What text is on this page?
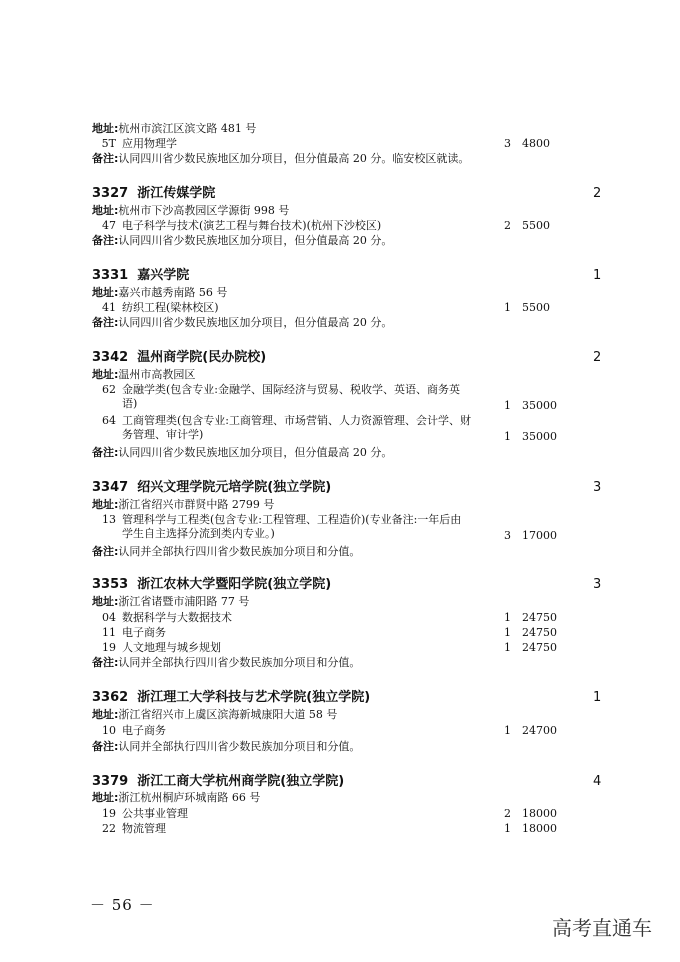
地址:杭州市滨江区滨文路 481 号
5T 应用物理学	3 4800
备注:认同四川省少数民族地区加分项目，但分值最高 20 分。临安校区就读。
3327 浙江传媒学院	2
地址:杭州市下沙高教园区学源街 998 号
47 电子科学与技术(演艺工程与舞台技术)(杭州下沙校区)	2 5500
备注:认同四川省少数民族地区加分项目，但分值最高 20 分。
3331 嘉兴学院	1
地址:嘉兴市越秀南路 56 号
41 纺织工程(梁林校区)	1 5500
备注:认同四川省少数民族地区加分项目，但分值最高 20 分。
3342 温州商学院(民办院校)	2
地址:温州市高教园区
62 金融学类(包含专业:金融学、国际经济与贸易、税收学、英语、商务英
语)	1 35000
64 工商管理类(包含专业:工商管理、市场营销、人力资源管理、会计学、财
务管理、审计学)	1 35000
备注:认同四川省少数民族地区加分项目，但分值最高 20 分。
3347 绍兴文理学院元培学院(独立学院)	3
地址:浙江省绍兴市群贤中路 2799 号
13 管理科学与工程类(包含专业:工程管理、工程造价)(专业备注:一年后由
学生自主选择分流到类内专业。)	3 17000
备注:认同并全部执行四川省少数民族加分项目和分值。
3353 浙江农林大学暨阳学院(独立学院)	3
地址:浙江省诸暨市浦阳路 77 号
04 数据科学与大数据技术	1 24750
11 电子商务	1 24750
19 人文地理与城乡规划	1 24750
备注:认同并全部执行四川省少数民族加分项目和分值。
3362 浙江理工大学科技与艺术学院(独立学院)	1
地址:浙江省绍兴市上虞区滨海新城康阳大道 58 号
10 电子商务	1 24700
备注:认同并全部执行四川省少数民族加分项目和分值。
3379 浙江工商大学杭州商学院(独立学院)	4
地址:浙江杭州桐庐环城南路 66 号
19 公共事业管理	2 18000
22 物流管理	1 18000
－ 56 －
高考直通车
